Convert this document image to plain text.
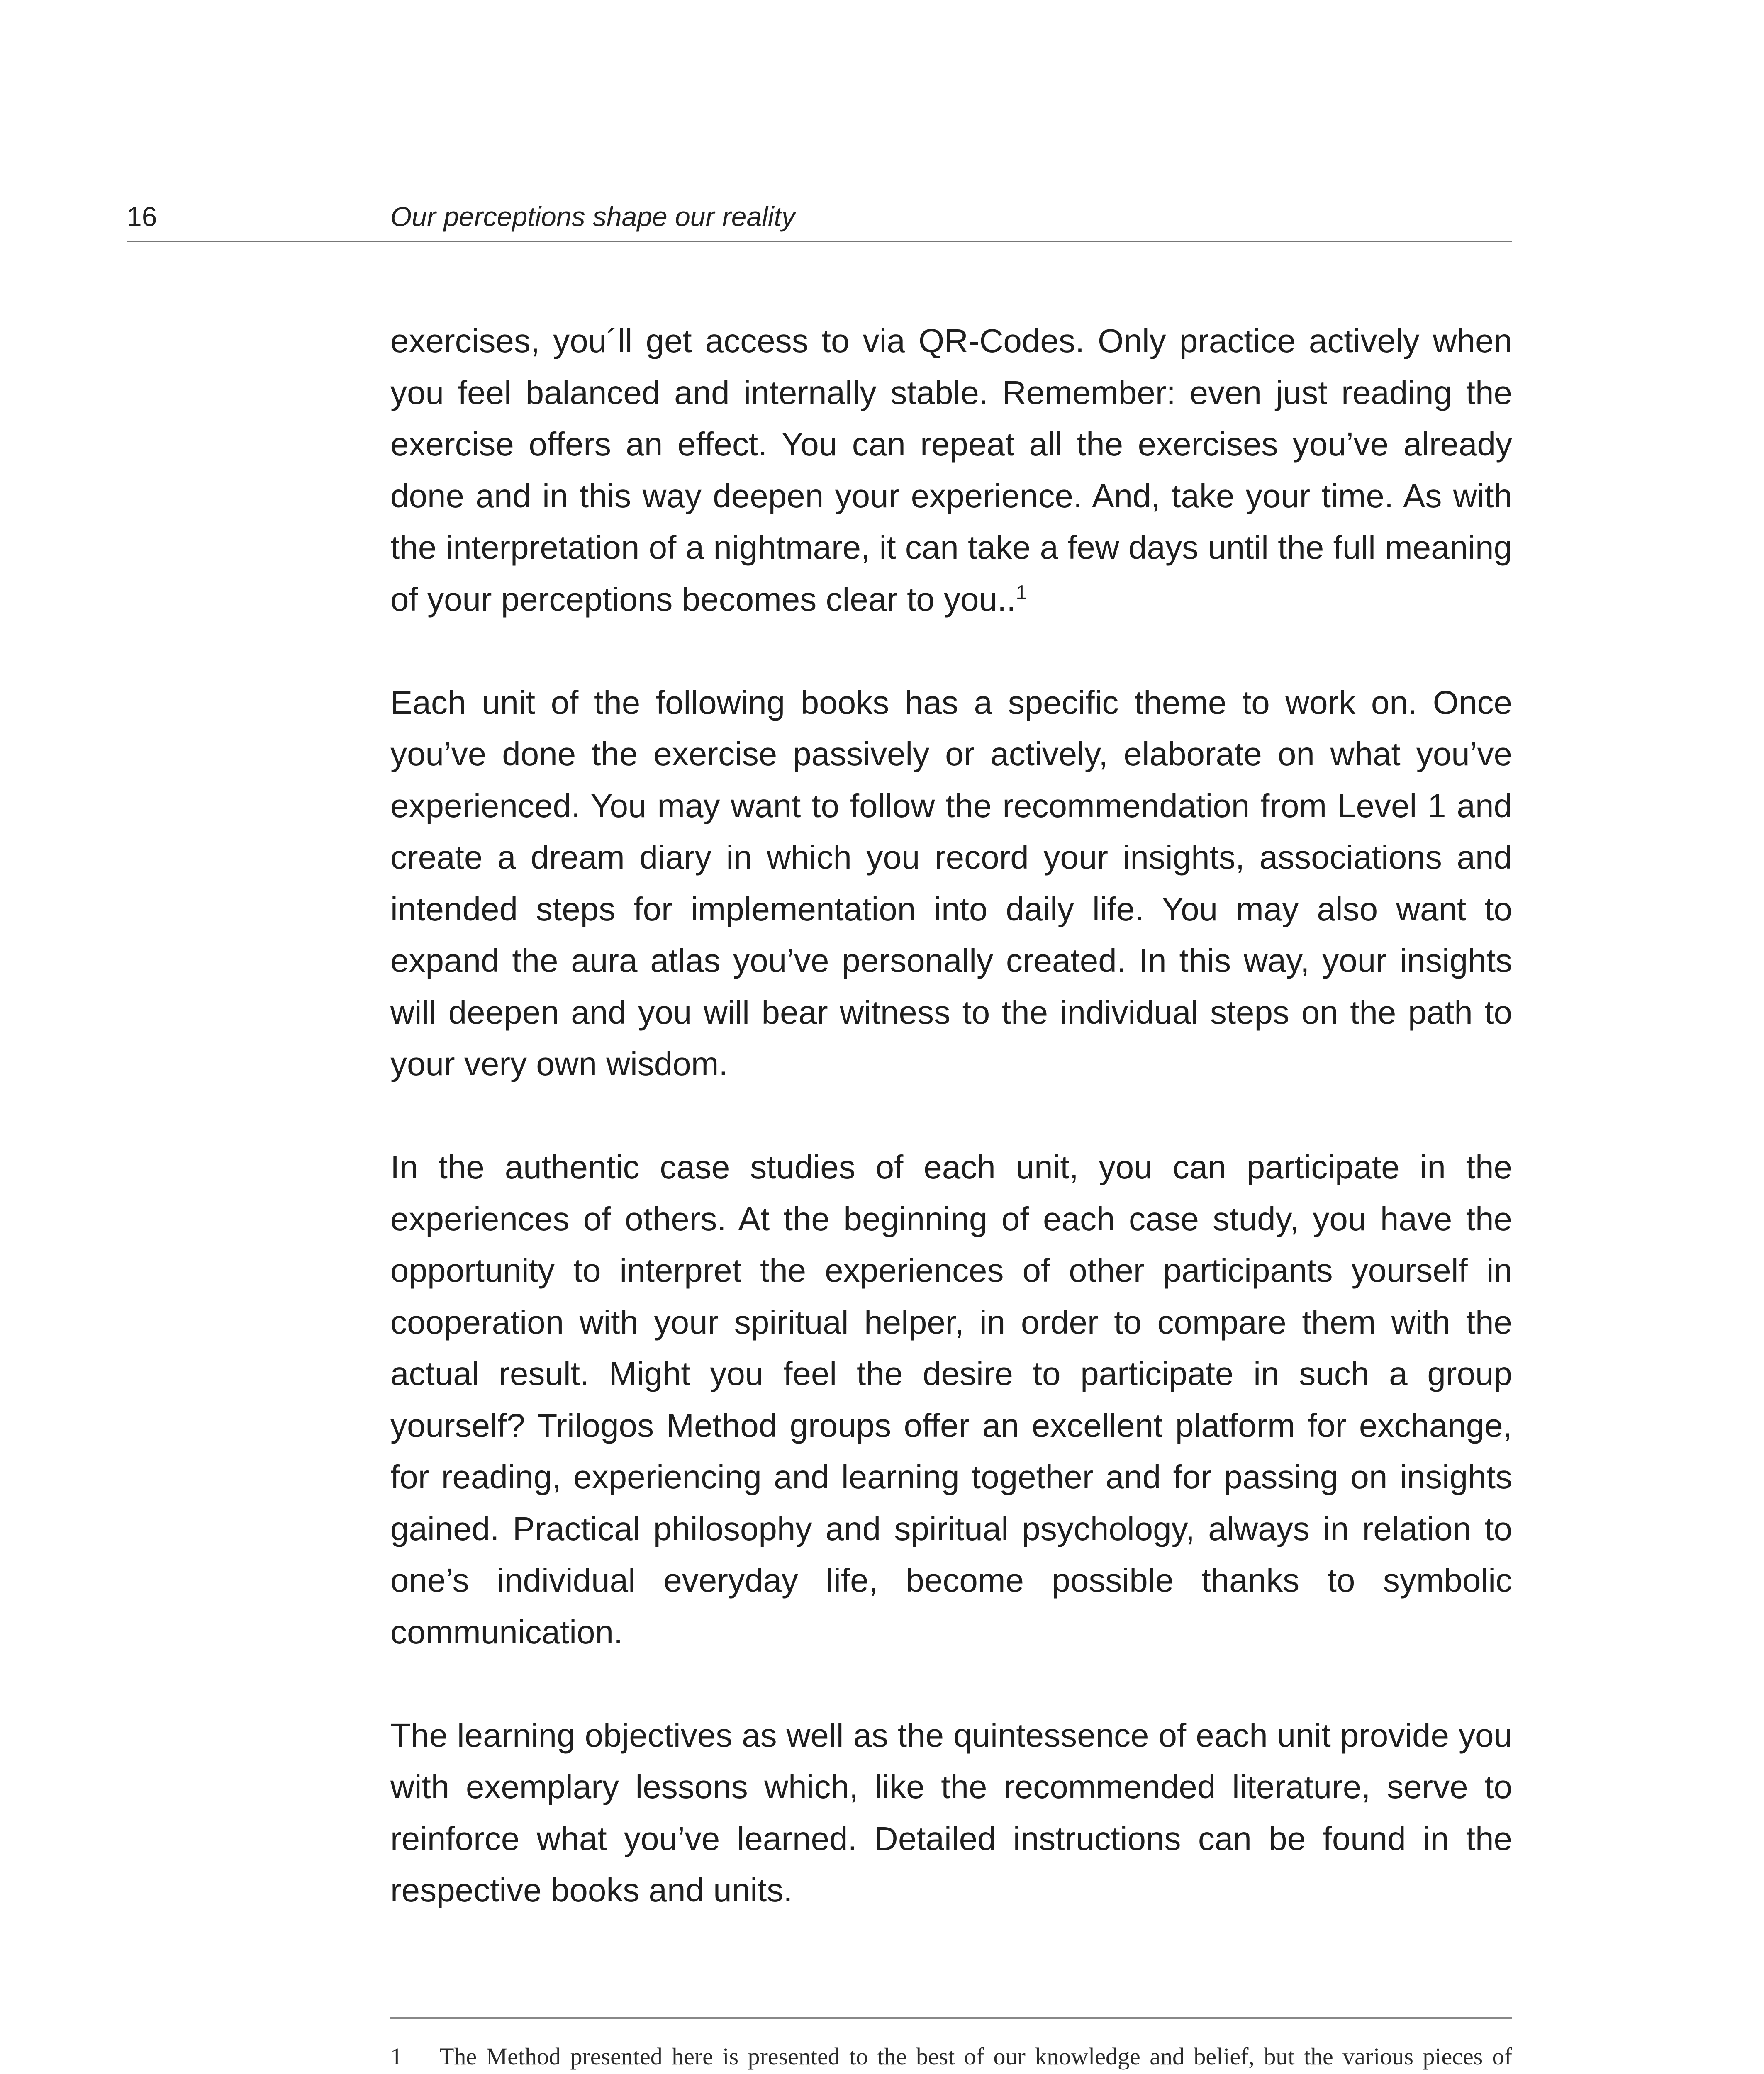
16	Our perceptions shape our reality

exercises, you´ll get access to via QR-Codes. Only practice actively when you feel balanced and internally stable. Remember: even just reading the exercise offers an effect. You can repeat all the exercises you’ve already done and in this way deepen your experience. And, take your time. As with the interpretation of a nightmare, it can take a few days until the full meaning of your perceptions becomes clear to you..$^1$

Each unit of the following books has a specific theme to work on. Once you’ve done the exercise passively or actively, elaborate on what you’ve experienced. You may want to follow the recommendation from Level 1 and create a dream diary in which you record your insights, associations and intended steps for implementation into daily life. You may also want to expand the aura atlas you’ve personally created. In this way, your insights will deepen and you will bear witness to the individual steps on the path to your very own wisdom.

In the authentic case studies of each unit, you can participate in the experiences of others. At the beginning of each case study, you have the opportunity to interpret the experiences of other participants yourself in cooperation with your spiritual helper, in order to compare them with the actual result. Might you feel the desire to participate in such a group yourself? Trilogos Method groups offer an excellent platform for exchange, for reading, experiencing and learning together and for passing on insights gained. Practical philosophy and spiritual psychology, always in relation to one’s individual everyday life, become possible thanks to symbolic communication.

The learning objectives as well as the quintessence of each unit provide you with exemplary lessons which, like the recommended literature, serve to reinforce what you’ve learned. Detailed instructions can be found in the respective books and units.

1 The Method presented here is presented to the best of our knowledge and belief, but the various pieces of
